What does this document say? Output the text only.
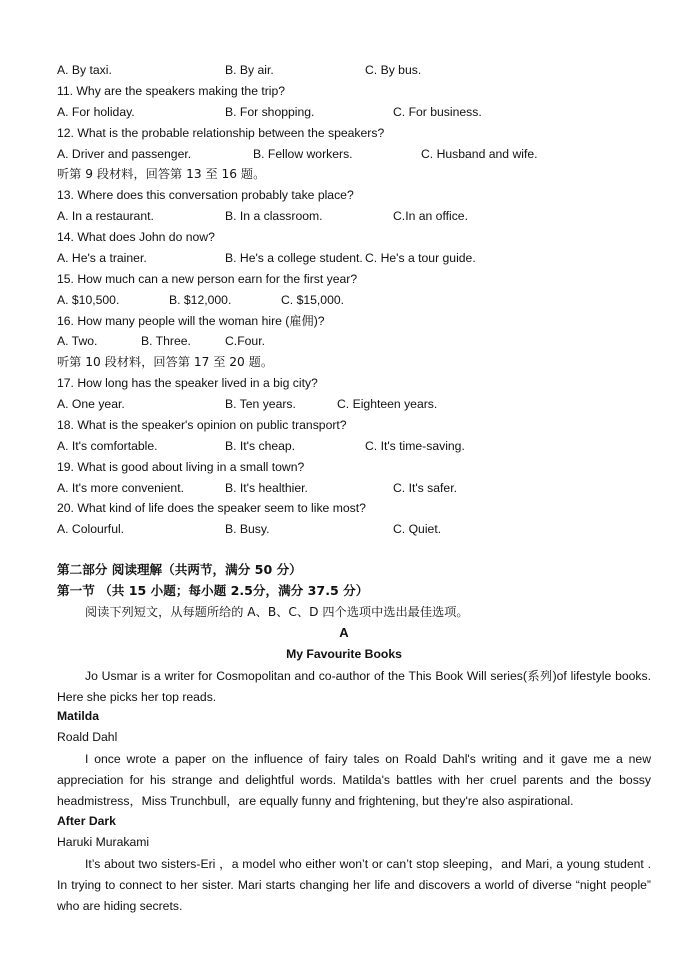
A. By taxi.	B. By air.	C. By bus.
11. Why are the speakers making the trip?
A. For holiday.	B. For shopping.	C. For business.
12. What is the probable relationship between the speakers?
A. Driver and passenger.	B. Fellow workers.	C. Husband and wife.
听第 9 段材料，回答第 13 至 16 题。
13. Where does this conversation probably take place?
A. In a restaurant.	B. In a classroom.	C.In an office.
14. What does John do now?
A. He's a trainer.	B. He's a college student. C. He's a tour guide.
15. How much can a new person earn for the first year?
A. $10,500.	B. $12,000.	C. $15,000.
16. How many people will the woman hire (雇佣)?
A. Two.	B. Three.	C.Four.
听第 10 段材料，回答第 17 至 20 题。
17. How long has the speaker lived in a big city?
A. One year.	B. Ten years.	C. Eighteen years.
18. What is the speaker's opinion on public transport?
A. It's comfortable.	B. It's cheap.	C. It's time-saving.
19. What is good about living in a small town?
A. It's more convenient.	B. It's healthier.	C. It's safer.
20. What kind of life does the speaker seem to like most?
A. Colourful.	B. Busy.	C. Quiet.
第二部分 阅读理解（共两节，满分 50 分）
第一节 （共 15 小题；每小题 2.5分，满分 37.5 分）
阅读下列短文，从每题所给的 A、B、C、D 四个选项中选出最佳选项。
A
My Favourite Books
Jo Usmar is a writer for Cosmopolitan and co-author of the This Book Will series(系列)of lifestyle books. Here she picks her top reads.
Matilda
Roald Dahl
I once wrote a paper on the influence of fairy tales on Roald Dahl's writing and it gave me a new appreciation for his strange and delightful words. Matilda's battles with her cruel parents and the bossy headmistress，Miss Trunchbull，are equally funny and frightening, but they're also aspirational.
After Dark
Haruki Murakami
It’s about two sisters-Eri ，a model who either won’t or can’t stop sleeping，and Mari, a young student . In trying to connect to her sister. Mari starts changing her life and discovers a world of diverse “night people” who are hiding secrets.
